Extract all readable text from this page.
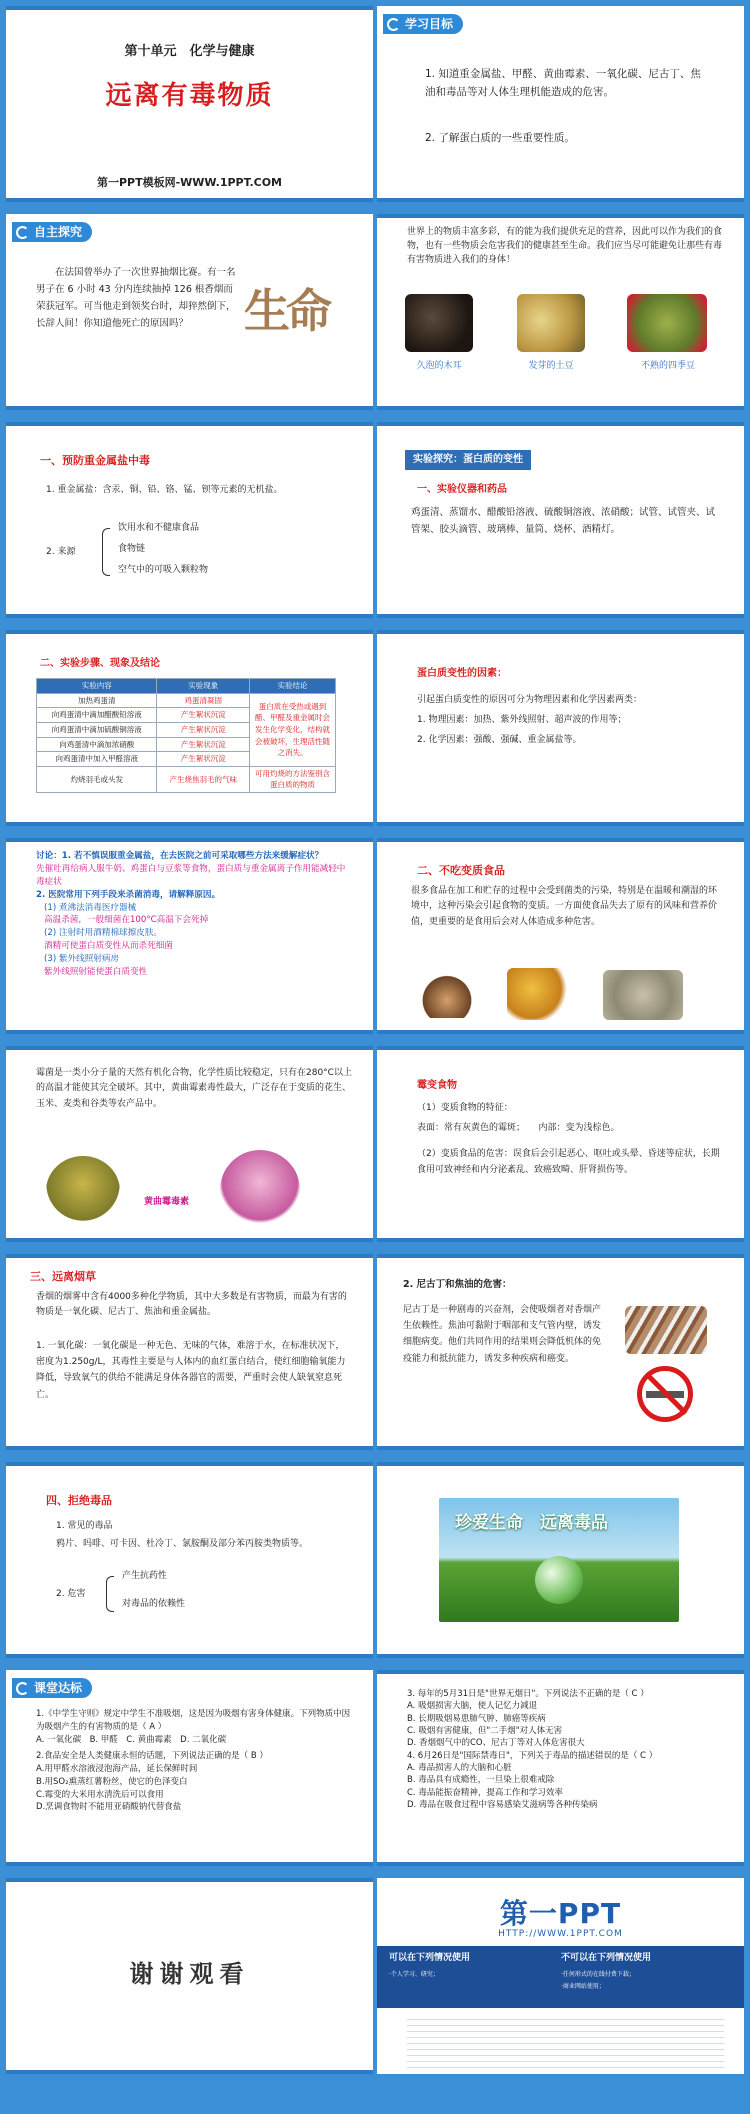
第十单元　化学与健康
远离有毒物质
第一PPT模板网-WWW.1PPT.COM
学习目标
1. 知道重金属盐、甲醛、黄曲霉素、一氧化碳、尼古丁、焦油和毒品等对人体生理机能造成的危害。
2. 了解蛋白质的一些重要性质。
自主探究
在法国曾举办了一次世界抽烟比赛。有一名男子在 6 小时 43 分内连续抽掉 126 根香烟而荣获冠军。可当他走到领奖台时，却猝然倒下，长辞人间！你知道他死亡的原因吗？	生命
世界上的物质丰富多彩，有的能为我们提供充足的营养，因此可以作为我们的食物，也有一些物质会危害我们的健康甚至生命。我们应当尽可能避免让那些有毒有害物质进入我们的身体！
久泡的木耳	发芽的土豆	不熟的四季豆
一、预防重金属盐中毒
1. 重金属盐：含汞、铜、铅、铬、锰、钡等元素的无机盐。
2. 来源
饮用水和不健康食品
食物链
空气中的可吸入颗粒物
实验探究：蛋白质的变性
一、实验仪器和药品
鸡蛋清、蒸馏水、醋酸铅溶液、硫酸铜溶液、浓硝酸；试管、试管夹、试管架、胶头滴管、玻璃棒、量筒、烧杯、酒精灯。
二、实验步骤、现象及结论
实验内容	实验现象	实验结论
加热鸡蛋清	鸡蛋清凝固	蛋白质在受热或遇到醋、甲醛及重金属时会发生化学变化，结构就会被破坏，生理活性随之消失。
向鸡蛋清中滴加醋酸铅溶液	产生絮状沉淀	
向鸡蛋清中滴加硫酸铜溶液	产生絮状沉淀	
向鸡蛋清中滴加浓硝酸	产生絮状沉淀	
向鸡蛋清中加入甲醛溶液	产生絮状沉淀	
灼烧羽毛或头发	产生烧焦羽毛的气味	可用灼烧的方法鉴别含蛋白质的物质
蛋白质变性的因素：
引起蛋白质变性的原因可分为物理因素和化学因素两类：
1. 物理因素：加热、紫外线照射、超声波的作用等；
2. 化学因素：强酸、强碱、重金属盐等。
讨论：1. 若不慎误服重金属盐，在去医院之前可采取哪些方法来缓解症状？
先催吐再给病人服牛奶、鸡蛋白与豆浆等食物，蛋白质与重金属离子作用能减轻中毒症状
2. 医院常用下列手段来杀菌消毒，请解释原因。
(1) 煮沸法消毒医疗器械
高温杀菌，一般细菌在100°C高温下会死掉
(2) 注射时用酒精棉球擦皮肤。
酒精可使蛋白质变性从而杀死细菌
(3) 紫外线照射病房
紫外线照射能使蛋白质变性
二、不吃变质食品
很多食品在加工和贮存的过程中会受到菌类的污染，特别是在温暖和潮湿的环境中，这种污染会引起食物的变质。一方面使食品失去了原有的风味和营养价值，更重要的是食用后会对人体造成多种危害。
霉菌是一类小分子量的天然有机化合物，化学性质比较稳定，只有在280°C以上的高温才能使其完全破坏。其中，黄曲霉素毒性最大，广泛存在于变质的花生、玉米、麦类和谷类等农产品中。
黄曲霉毒素
霉变食物
（1）变质食物的特征：
表面：常有灰黄色的霉斑；　　内部：变为浅棕色。
（2）变质食品的危害：误食后会引起恶心、呕吐或头晕、昏迷等症状，长期食用可致神经和内分泌紊乱、致癌致畸、肝肾损伤等。
三、远离烟草
香烟的烟雾中含有4000多种化学物质，其中大多数是有害物质，而最为有害的物质是一氧化碳、尼古丁、焦油和重金属盐。
1. 一氧化碳：一氧化碳是一种无色、无味的气体，难溶于水，在标准状况下，密度为1.250g/L，其毒性主要是与人体内的血红蛋白结合，使红细胞输氧能力降低，导致氧气的供给不能满足身体各器官的需要，严重时会使人缺氧窒息死亡。
2. 尼古丁和焦油的危害：
尼古丁是一种剧毒的兴奋剂，会使吸烟者对香烟产生依赖性。焦油可黏附于咽部和支气管内壁，诱发细胞病变。他们共同作用的结果则会降低机体的免疫能力和抵抗能力，诱发多种疾病和癌变。
四、拒绝毒品
1. 常见的毒品
鸦片、吗啡、可卡因、杜冷丁、氯胺酮及部分苯丙胺类物质等。
2. 危害
产生抗药性
对毒品的依赖性
珍爱生命　远离毒品
课堂达标
1.《中学生守则》规定中学生不准吸烟，这是因为吸烟有害身体健康。下列物质中因为吸烟产生的有害物质的是（ A ）
A. 一氧化碳　B. 甲醛　C. 黄曲霉素　D. 二氧化碳
2.食品安全是人类健康永恒的话题，下列说法正确的是（ B ）
A.用甲醛水溶液浸泡海产品，延长保鲜时间
B.用SO₂熏蒸红薯粉丝，使它的色泽变白
C.霉变的大米用水清洗后可以食用
D.烹调食物时不能用亚硝酸钠代替食盐
3. 每年的5月31日是"世界无烟日"。下列说法不正确的是（ C ）
A. 吸烟损害大脑，使人记忆力减退
B. 长期吸烟易患肺气肿、肺癌等疾病
C. 吸烟有害健康，但"二手烟"对人体无害
D. 香烟烟气中的CO、尼古丁等对人体危害很大
4. 6月26日是"国际禁毒日"，下列关于毒品的描述错误的是（ C ）
A. 毒品损害人的大脑和心脏
B. 毒品具有成瘾性，一旦染上很难戒除
C. 毒品能振奋精神，提高工作和学习效率
D. 毒品在吸食过程中容易感染艾滋病等各种传染病
谢谢观看
第一PPT
HTTP://WWW.1PPT.COM
可以在下列情况使用	不可以在下列情况使用
·个人学习、研究；	·任何形式的在线付费下载；
·商业网站使用；
